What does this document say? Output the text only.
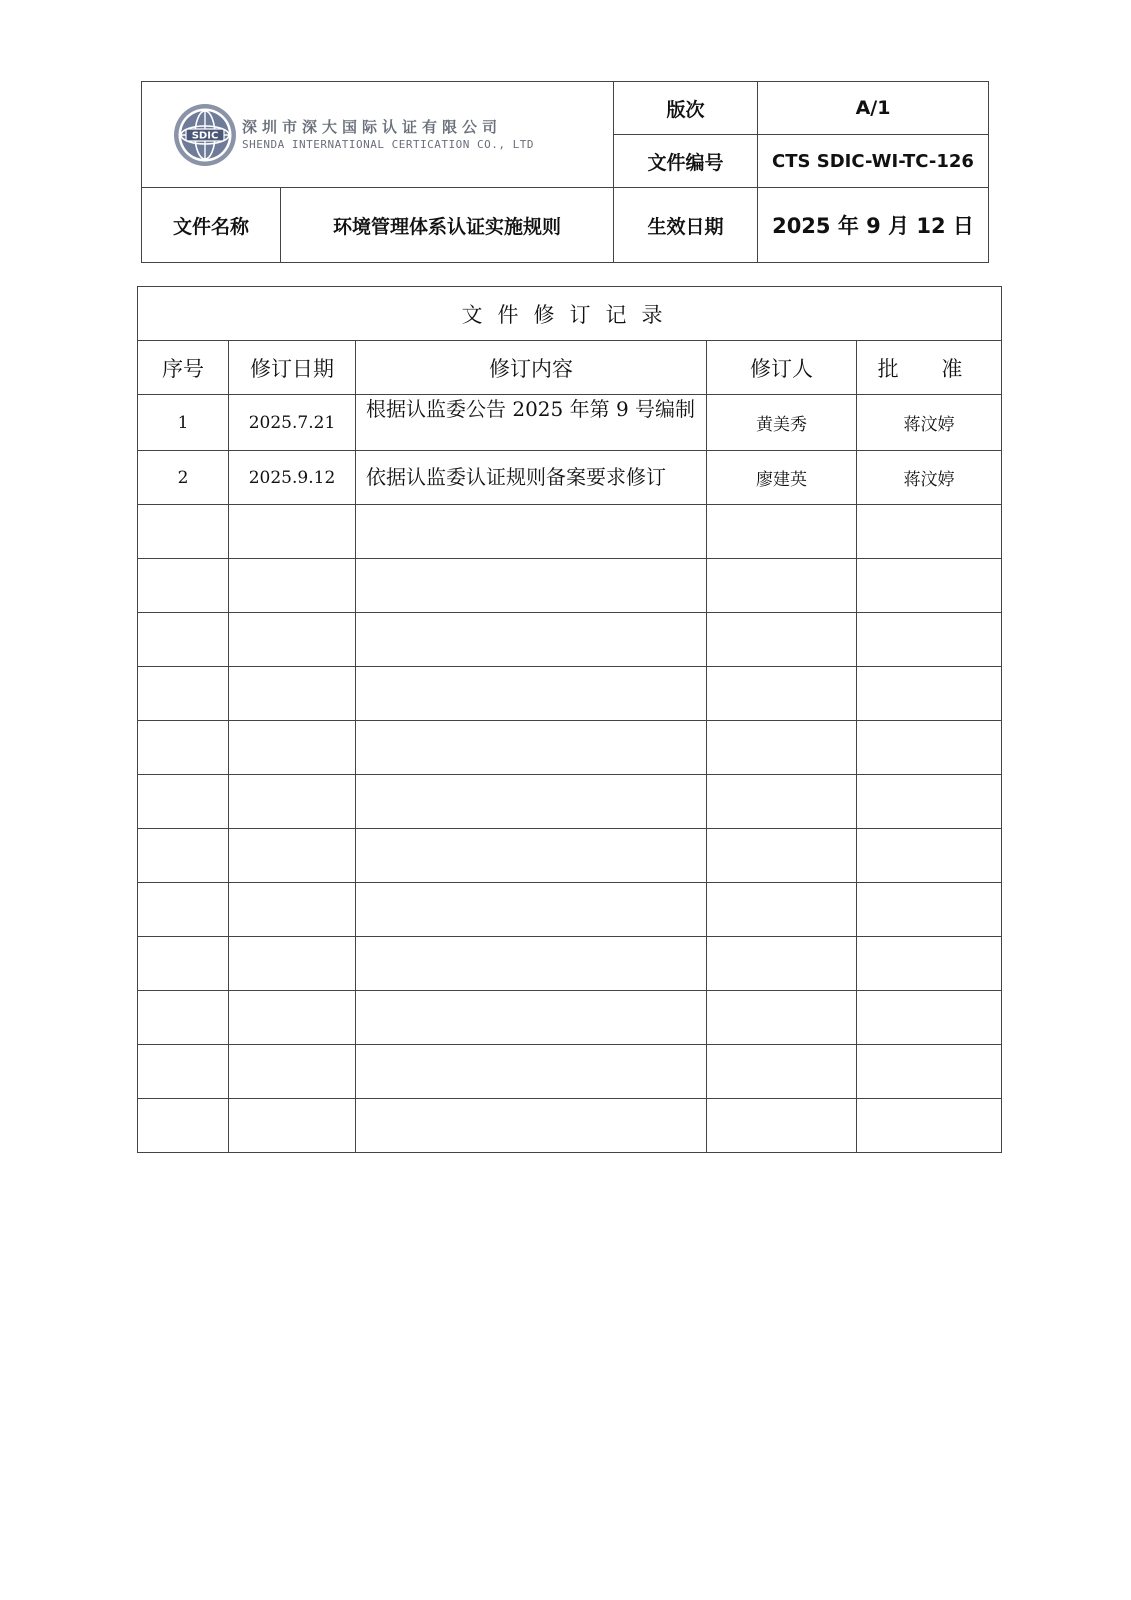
SDIC 深圳市深大国际认证有限公司
SHENDA INTERNATIONAL CERTICATION CO., LTD		版次	A/1
		文件编号	CTS SDIC-WI-TC-126
文件名称	环境管理体系认证实施规则	生效日期	2025 年 9 月 12 日
文件修订记录				
序号	修订日期	修订内容	修订人	批 准
1	2025.7.21	根据认监委公告 2025 年第 9 号编制	黄美秀	蒋汶婷
2	2025.9.12	依据认监委认证规则备案要求修订	廖建英	蒋汶婷
